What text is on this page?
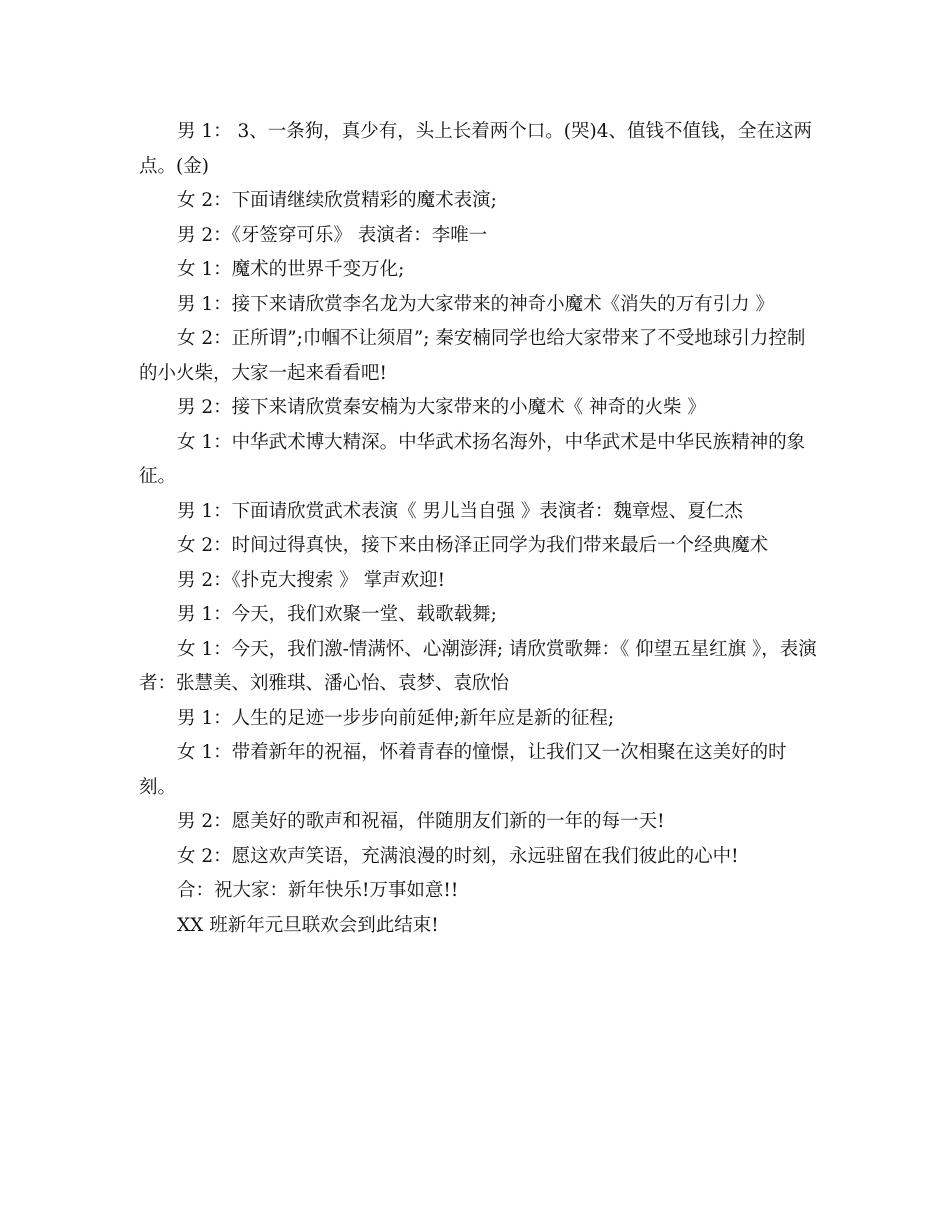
男 1： 3、一条狗，真少有，头上长着两个口。(哭)4、值钱不值钱，全在这两点。(金)

女 2：下面请继续欣赏精彩的魔术表演;

男 2：《牙签穿可乐》 表演者：李唯一

女 1：魔术的世界千变万化;

男 1：接下来请欣赏李名龙为大家带来的神奇小魔术《消失的万有引力 》

女 2：正所谓”;巾帼不让须眉”; 秦安楠同学也给大家带来了不受地球引力控制的小火柴，大家一起来看看吧!

男 2：接下来请欣赏秦安楠为大家带来的小魔术《 神奇的火柴 》

女 1：中华武术博大精深。中华武术扬名海外，中华武术是中华民族精神的象征。

男 1：下面请欣赏武术表演《 男儿当自强 》表演者：魏章煜、夏仁杰

女 2：时间过得真快，接下来由杨泽正同学为我们带来最后一个经典魔术

男 2：《扑克大搜索 》 掌声欢迎!

男 1：今天，我们欢聚一堂、载歌载舞;

女 1：今天，我们激-情满怀、心潮澎湃; 请欣赏歌舞：《 仰望五星红旗 》，表演者：张慧美、刘雅琪、潘心怡、袁梦、袁欣怡

男 1：人生的足迹一步步向前延伸;新年应是新的征程;

女 1：带着新年的祝福，怀着青春的憧憬，让我们又一次相聚在这美好的时刻。

男 2：愿美好的歌声和祝福，伴随朋友们新的一年的每一天!

女 2：愿这欢声笑语，充满浪漫的时刻，永远驻留在我们彼此的心中!

合：祝大家：新年快乐!万事如意!!

XX 班新年元旦联欢会到此结束!
